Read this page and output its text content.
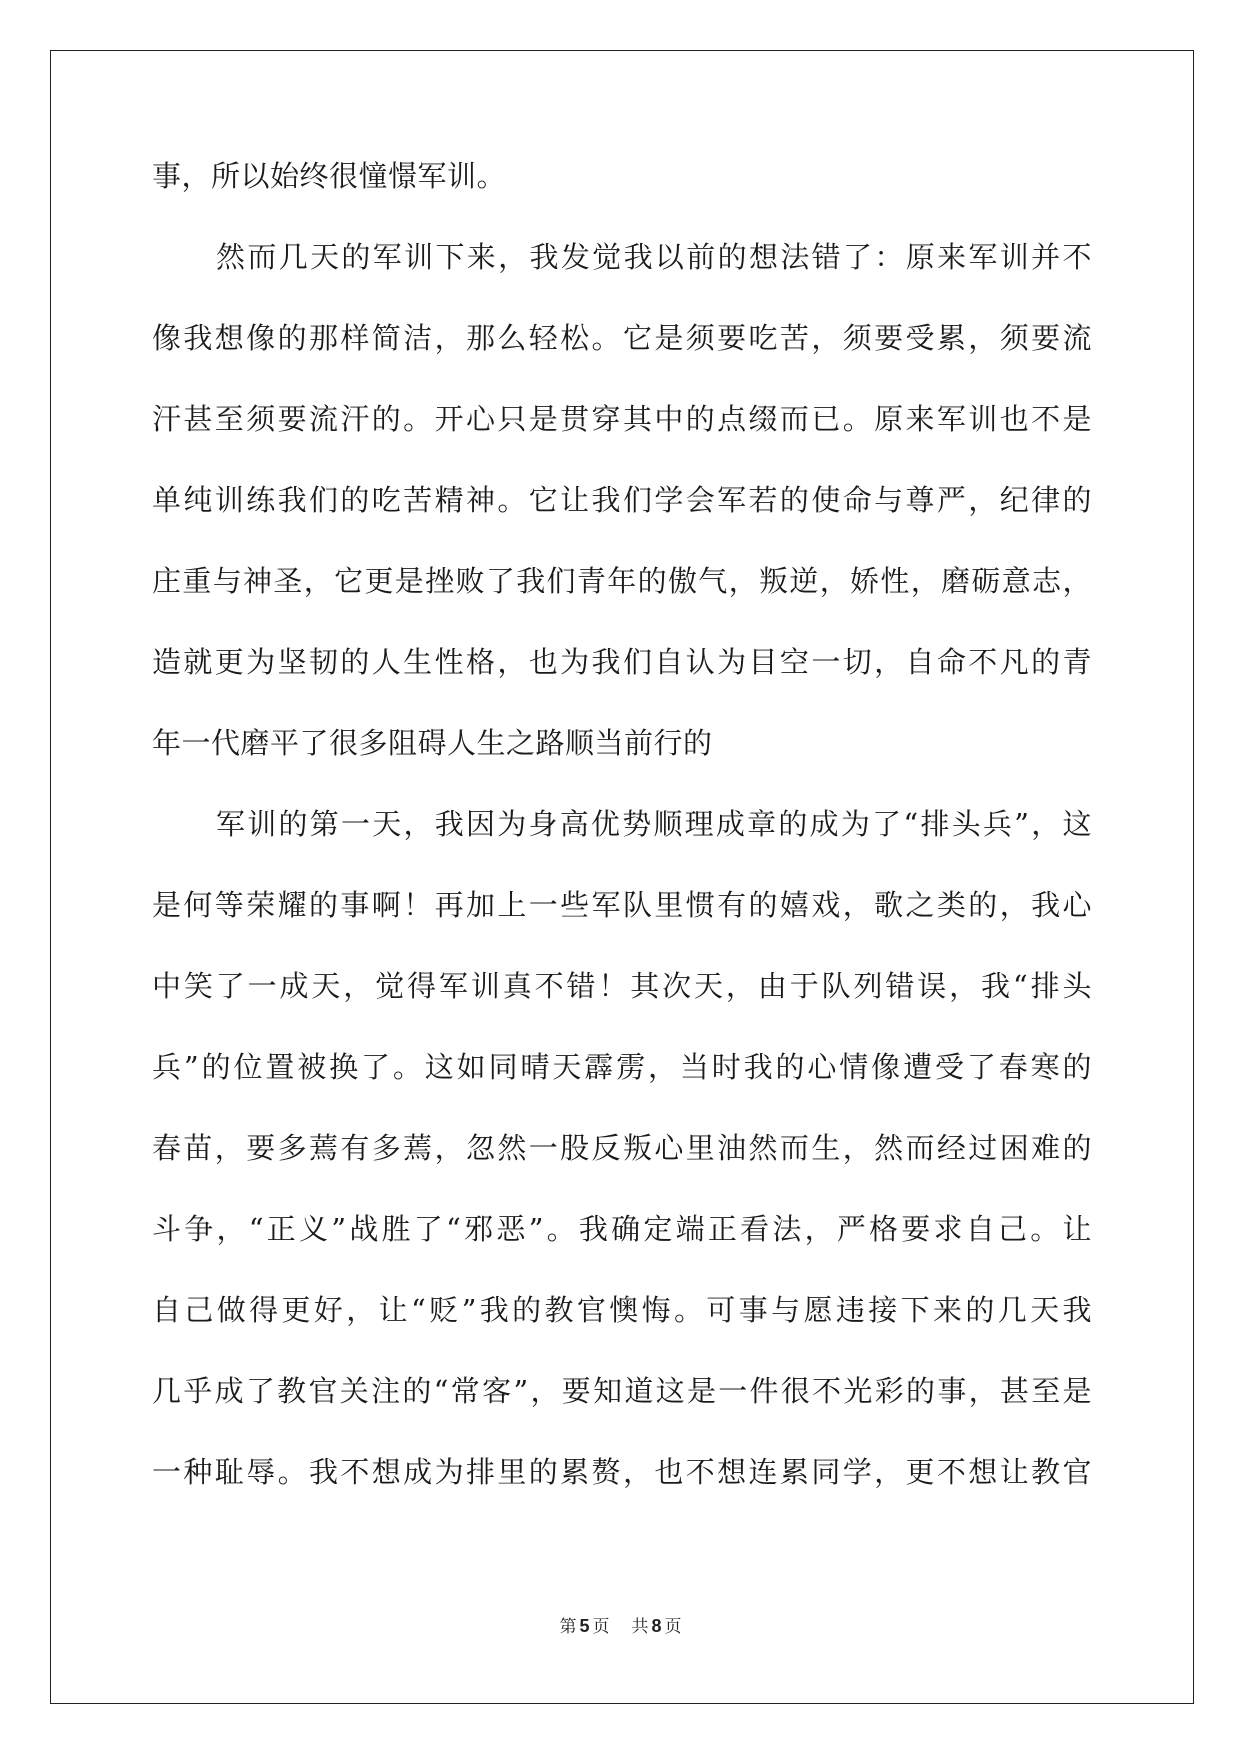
事，所以始终很憧憬军训。
然而几天的军训下来，我发觉我以前的想法错了：原来军训并不
像我想像的那样简洁，那么轻松。它是须要吃苦，须要受累，须要流
汗甚至须要流汗的。开心只是贯穿其中的点缀而已。原来军训也不是
单纯训练我们的吃苦精神。它让我们学会军若的使命与尊严，纪律的
庄重与神圣，它更是挫败了我们青年的傲气，叛逆，娇性，磨砺意志，
造就更为坚韧的人生性格，也为我们自认为目空一切，自命不凡的青
年一代磨平了很多阻碍人生之路顺当前行的
军训的第一天，我因为身高优势顺理成章的成为了“排头兵”，这
是何等荣耀的事啊！再加上一些军队里惯有的嬉戏，歌之类的，我心
中笑了一成天，觉得军训真不错！其次天，由于队列错误，我“排头
兵”的位置被换了。这如同晴天霹雳，当时我的心情像遭受了春寒的
春苗，要多蔫有多蔫，忽然一股反叛心里油然而生，然而经过困难的
斗争，“正义”战胜了“邪恶”。我确定端正看法，严格要求自己。让
自己做得更好，让“贬”我的教官懊悔。可事与愿违接下来的几天我
几乎成了教官关注的“常客”，要知道这是一件很不光彩的事，甚至是
一种耻辱。我不想成为排里的累赘，也不想连累同学，更不想让教官
第 5 页 共 8 页
